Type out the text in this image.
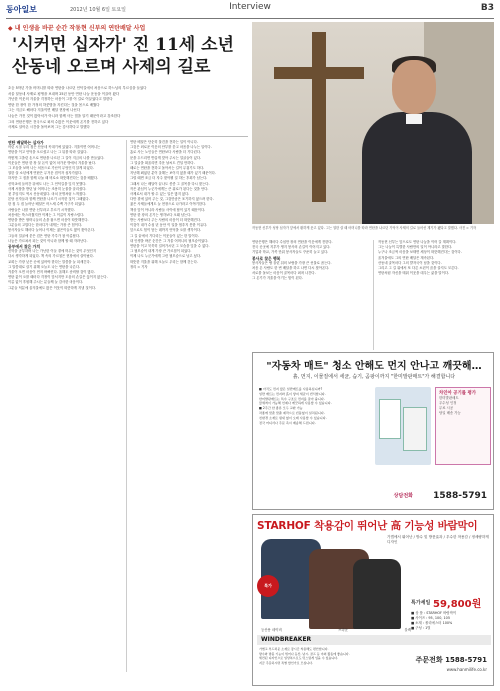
동아일보	2012년 10월 6일 토요일	Interview	B3
◆ 내 인생을 바꾼 순간 작동현 신부의 연탄배달 사업
'시커먼 십자가' 진 11세 소년
산동네 오르며 사제의 길로
초등 5학년 가을 어머니를 따라 연탄을 나르던 언덕길에서 처음으로 하느님의 부르심을 들었다
서울 달동네 사제로 평생을 보내며 25년 동안 연탄 나눔 운동을 이끌어 왔다
가난한 이웃의 겨울을 걱정하는 마음이 그를 이 길로 이끌었다고 말한다
연탄 한 장이 한 가정의 하룻밤을 지킨다는 것을 몸으로 배웠다
그는 지금도 해마다 겨울이면 배달 현장에 나선다
나눔은 가진 것이 많아서가 아니라 함께 사는 법을 알기 때문이라고 강조한다
그의 연탄은행은 전국으로 퍼져 수많은 이웃에게 온기를 전하고 있다
사제로 살아온 시간을 돌아보며 그는 감사하다고 말했다
작동현 신부가 성당 십자가 앞에서 환하게 웃고 있다. 그는 열한 살 때 어머니를 따라 연탄을 나르던 기억이 사제의 길로 들어선 계기가 됐다고 말했다. 사진 = 기자
연탄 배달하는 십자가
어린 시절 우리 집은 산동네 꼭대기에 있었다. 겨울이면 어머니는
연탄을 이고 언덕을 오르셨고 나는 그 뒤를 따라 걸었다.
까맣게 그을린 손으로 연탄을 나르던 그 길이 지금의 나를 만들었다.
이웃들은 연탄 한 장 살 돈이 없어 차가운 방에서 겨울을 났다.
그 모습을 보며 나는 처음으로 가난이 무엇인지 알게 되었다.
열한 살 소년에게 연탄은 무거운 짐이자 십자가였다.
하지만 그 짐을 함께 나눌 때 비로소 따뜻해진다는 것을 배웠다.
신학교에 들어간 뒤에도 나는 그 언덕길을 잊지 못했다.
사제 서품을 받던 날 어머니는 조용히 눈물을 흘리셨다.
첫 부임지도 역시 산동네였다. 마치 운명처럼 느껴졌다.
본당 신자들과 함께 연탄을 나르기 시작한 것이 그때였다.
한 집 두 집 늘어난 배달은 어느새 수백 가구가 되었다.
사람들은 나를 연탄 신부라고 부르기 시작했다.
처음에는 쑥스러웠지만 이제는 그 이름이 자랑스럽다.
연탄을 받은 할머니들의 손을 잡으면 마음이 따뜻해진다.
그분들의 고맙다는 한마디가 내게는 가장 큰 힘이다.
봉사자들도 해마다 늘어나 이제는 젊은이들도 많이 찾아온다.
그들의 얼굴에 묻은 검은 연탄 가루가 참 아름답다.
나눔은 가르쳐서 되는 것이 아니라 함께 할 때 자라난다.
공부에서 찾은 가치
신학을 공부하며 나는 가난한 이들 곁에 머무는 것이 무엇인지
다시 생각하게 되었다. 책 속의 가르침은 현장에서 살아났다.
교회는 가장 낮은 곳에 있어야 한다는 말씀을 늘 되새긴다.
그 말씀대로 살기 위해 오늘도 나는 연탄을 나른다.
겨울이 오면 마음이 먼저 바빠진다. 올해도 준비할 것이 많다.
연탄 값이 오를 때마다 걱정이 앞서지만 도움의 손길은 끊이지 않는다.
이름 없이 후원해 주시는 분들께 늘 감사한 마음이다.
그분들 덕분에 올겨울에도 많은 이웃이 따뜻하게 지낼 것이다.
연탄 배달은 단순히 물건을 전하는 일이 아니다.
그것은 외로운 이웃의 안부를 묻고 마음을 나누는 일이다.
홀로 사는 노인들은 연탄보다 사람을 더 기다린다.
문을 두드리면 반갑게 맞아 주시는 얼굴들이 있다.
그 얼굴을 떠올리면 추운 날씨도 견딜 만하다.
때로는 연탄을 전하고 돌아서는 길이 무겁기도 하다.
지난해 뵈었던 분이 올해는 보이지 않을 때가 있기 때문이다.
그럴 때면 조금 더 자주 찾아뵐 걸 하는 후회가 남는다.
그래서 나는 배달이 끝나도 종종 그 골목을 다시 찾는다.
작은 관심이 누군가에게는 큰 위로가 된다는 것을 안다.
사제로서 내가 할 수 있는 일은 많지 않다.
다만 곁에 있어 주는 것, 그것만큼은 포기하지 않으려 한다.
젊은 사제들에게도 늘 현장으로 나가라고 이야기한다.
책상 앞이 아니라 사람들 사이에 답이 있기 때문이다.
연탄 한 장의 온기는 생각보다 오래 남는다.
받는 사람보다 주는 사람의 마음이 더 따뜻해진다.
이것이 내가 수십 년 동안 이 일을 멈추지 못한 이유다.
앞으로도 힘이 닿는 데까지 언덕을 오를 생각이다.
그 길 끝에서 기다리는 이웃들이 있는 한 말이다.
내 인생을 바꾼 순간은 그 겨울 어머니의 뒷모습이었다.
연탄을 이고 묵묵히 걸어가시던 그 모습을 잊을 수 없다.
그 뒷모습이 내게 가장 큰 가르침이 되었다.
이제 나도 누군가에게 그런 뒷모습으로 남고 싶다.
따뜻한 겨울을 위해 오늘도 우리는 함께 걷는다.
정리 = 기자
연탄은행은 해마다 수십만 장의 연탄을 이웃에게 전한다.
전국 곳곳에 지부가 생겨 봉사의 손길이 이어지고 있다.
기업과 학교, 가족 단위 봉사자들도 꾸준히 늘고 있다.
봉사로 찾은 행복
봉사자들은 땀 흘린 뒤의 보람을 가장 큰 선물로 꼽는다.
처음 온 사람도 한 번 배달을 하고 나면 다시 찾아온다.
서로를 돌보는 마음이 골목마다 퍼져 나간다.
그 온기가 겨울을 이기는 힘이 된다.
작동현 신부는 앞으로도 연탄 나눔을 이어 갈 계획이다.
그는 나눔이 특별한 사람만의 일이 아니라고 말한다.
누구나 조금씩 마음을 보태면 세상이 따뜻해진다는 것이다.
올겨울에도 그의 연탄 배달은 계속된다.
산동네 골목마다 그의 발자국이 남을 것이다.
그리고 그 길 위에서 또 다른 소년이 꿈을 꿀지도 모른다.
연탄처럼 자신을 태워 이웃을 데우는 삶을 말이다.
"자동차 매트" 청소 안해도 먼지 안나고 깨끗해…
흙, 먼지, 이물질에서 세균, 습기, 곰팡이까지 "한미발판매트"가 해결합니다
■ 아직도 먼지 많은 일반매트를 사용하십니까?
일반 매트는 먼지와 흙이 쌓여 세균이 번식합니다.
한미발판매트는 특수 구조로 먼지를 잡아 줍니다.
물세척이 가능해 언제나 깨끗하게 사용할 수 있습니다.
■ 2주간 한 종류 모두 교환 가능
차종에 맞춘 맞춤 제작으로 빈틈없이 설치됩니다.
친환경 소재로 냄새 없이 오래 사용할 수 있습니다.
전국 어디서나 주문 즉시 배송해 드립니다.
차인아 공기를 평가
한미발판매트
우수성 인정
무료 시공
당일 배송 가능
상담전화 1588-5791
STARHOF 착용감이 뛰어난 高 기능성 바람막이
가볍에서 뛰어난 / 방수 및 방풍효과 / 우수한 착용감 / 정세량하게 디자인
특가
등산용 네이비	브라운	블랙
특가세일 59,800원
■ 상 품 : STARHOF 바람막이
■ 사이즈 : 95, 100, 105
■ 소재 : 폴리에스터 100%
■ 구성 : 1벌
WINDBREAKER
가볍고 부드러운 소재로 장시간 착용해도 편안합니다.
방수와 방풍 기능이 뛰어나 등산, 낚시, 골프 등 야외 활동에 좋습니다.
세련된 디자인으로 일상복으로도 멋스럽게 입을 수 있습니다.
지금 주문하시면 특별 할인가로 모십니다.	주문전화 1588-5791
www.hanmilife.co.kr
